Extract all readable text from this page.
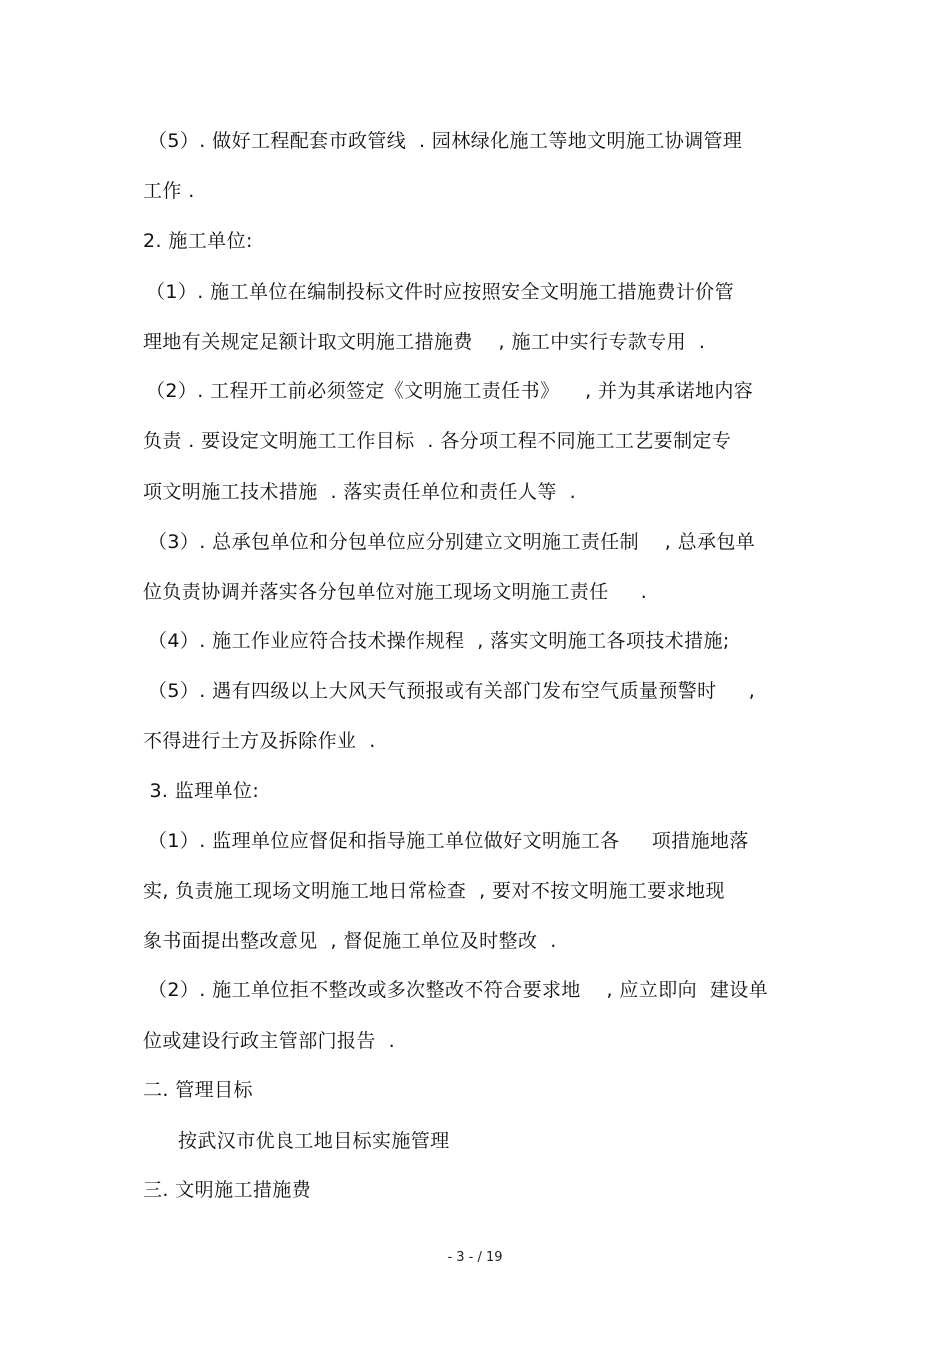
（5）. 做好工程配套市政管线  . 园林绿化施工等地文明施工协调管理
工作 .
2. 施工单位:
（1）. 施工单位在编制投标文件时应按照安全文明施工措施费计价管
理地有关规定足额计取文明施工措施费    , 施工中实行专款专用  .
（2）. 工程开工前必须签定《文明施工责任书》    , 并为其承诺地内容
负责 . 要设定文明施工工作目标  . 各分项工程不同施工工艺要制定专
项文明施工技术措施  . 落实责任单位和责任人等  .
（3）. 总承包单位和分包单位应分别建立文明施工责任制    , 总承包单
位负责协调并落实各分包单位对施工现场文明施工责任     .
（4）. 施工作业应符合技术操作规程  , 落实文明施工各项技术措施;
（5）. 遇有四级以上大风天气预报或有关部门发布空气质量预警时     ,
不得进行土方及拆除作业  .
3. 监理单位:
（1）. 监理单位应督促和指导施工单位做好文明施工各     项措施地落
实, 负责施工现场文明施工地日常检查  , 要对不按文明施工要求地现
象书面提出整改意见  , 督促施工单位及时整改  .
（2）. 施工单位拒不整改或多次整改不符合要求地    , 应立即向  建设单
位或建设行政主管部门报告  .
二. 管理目标
按武汉市优良工地目标实施管理
三. 文明施工措施费
- 3 - / 19
